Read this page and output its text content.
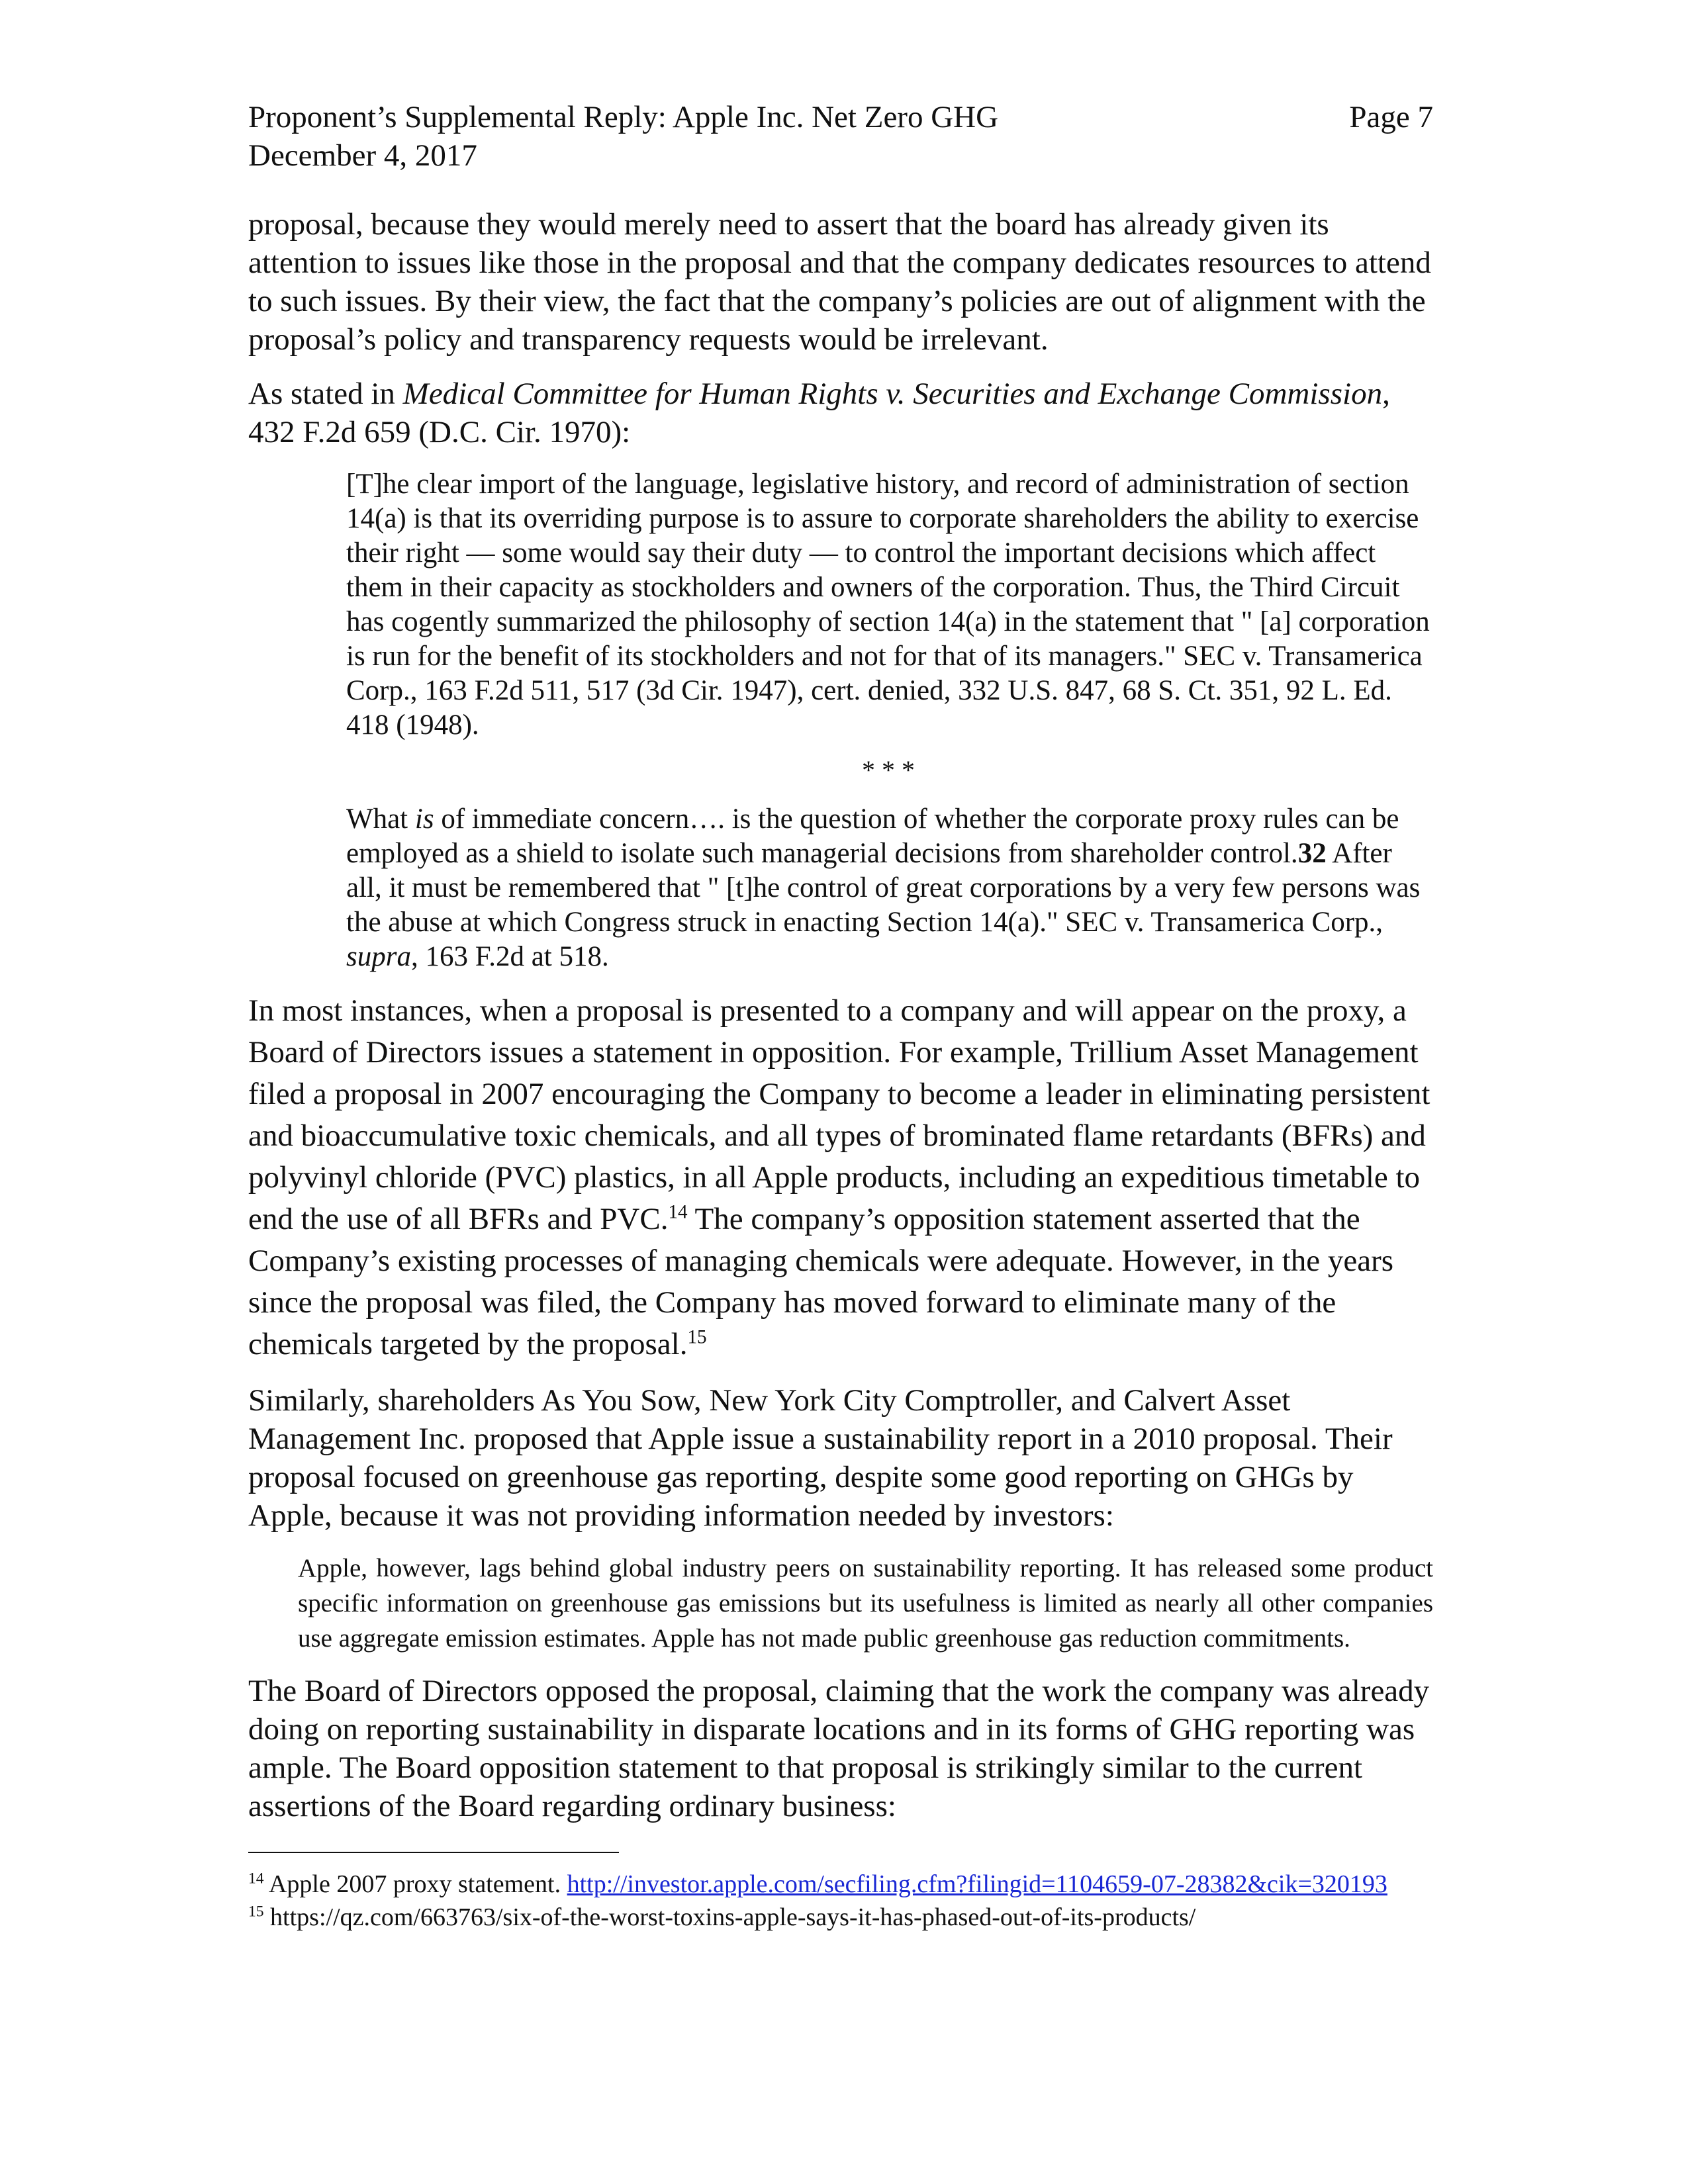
Proponent’s Supplemental Reply: Apple Inc. Net Zero GHG	Page 7
December 4, 2017

proposal, because they would merely need to assert that the board has already given its attention to issues like those in the proposal and that the company dedicates resources to attend to such issues. By their view, the fact that the company’s policies are out of alignment with the proposal’s policy and transparency requests would be irrelevant.

As stated in Medical Committee for Human Rights v. Securities and Exchange Commission, 432 F.2d 659 (D.C. Cir. 1970):

[T]he clear import of the language, legislative history, and record of administration of section 14(a) is that its overriding purpose is to assure to corporate shareholders the ability to exercise their right — some would say their duty — to control the important decisions which affect them in their capacity as stockholders and owners of the corporation. Thus, the Third Circuit has cogently summarized the philosophy of section 14(a) in the statement that " [a] corporation is run for the benefit of its stockholders and not for that of its managers." SEC v. Transamerica Corp., 163 F.2d 511, 517 (3d Cir. 1947), cert. denied, 332 U.S. 847, 68 S. Ct. 351, 92 L. Ed. 418 (1948).

* * *

What is of immediate concern…. is the question of whether the corporate proxy rules can be employed as a shield to isolate such managerial decisions from shareholder control.32 After all, it must be remembered that " [t]he control of great corporations by a very few persons was the abuse at which Congress struck in enacting Section 14(a)." SEC v. Transamerica Corp., supra, 163 F.2d at 518.

In most instances, when a proposal is presented to a company and will appear on the proxy, a Board of Directors issues a statement in opposition. For example, Trillium Asset Management filed a proposal in 2007 encouraging the Company to become a leader in eliminating persistent and bioaccumulative toxic chemicals, and all types of brominated flame retardants (BFRs) and polyvinyl chloride (PVC) plastics, in all Apple products, including an expeditious timetable to end the use of all BFRs and PVC.$^{14}$ The company’s opposition statement asserted that the Company’s existing processes of managing chemicals were adequate. However, in the years since the proposal was filed, the Company has moved forward to eliminate many of the chemicals targeted by the proposal.$^{15}$

Similarly, shareholders As You Sow, New York City Comptroller, and Calvert Asset Management Inc. proposed that Apple issue a sustainability report in a 2010 proposal. Their proposal focused on greenhouse gas reporting, despite some good reporting on GHGs by Apple, because it was not providing information needed by investors:

Apple, however, lags behind global industry peers on sustainability reporting. It has released some product specific information on greenhouse gas emissions but its usefulness is limited as nearly all other companies use aggregate emission estimates. Apple has not made public greenhouse gas reduction commitments.

The Board of Directors opposed the proposal, claiming that the work the company was already doing on reporting sustainability in disparate locations and in its forms of GHG reporting was ample. The Board opposition statement to that proposal is strikingly similar to the current assertions of the Board regarding ordinary business:

$^{14}$ Apple 2007 proxy statement. http://investor.apple.com/secfiling.cfm?filingid=1104659-07-28382&cik=320193
$^{15}$ https://qz.com/663763/six-of-the-worst-toxins-apple-says-it-has-phased-out-of-its-products/
